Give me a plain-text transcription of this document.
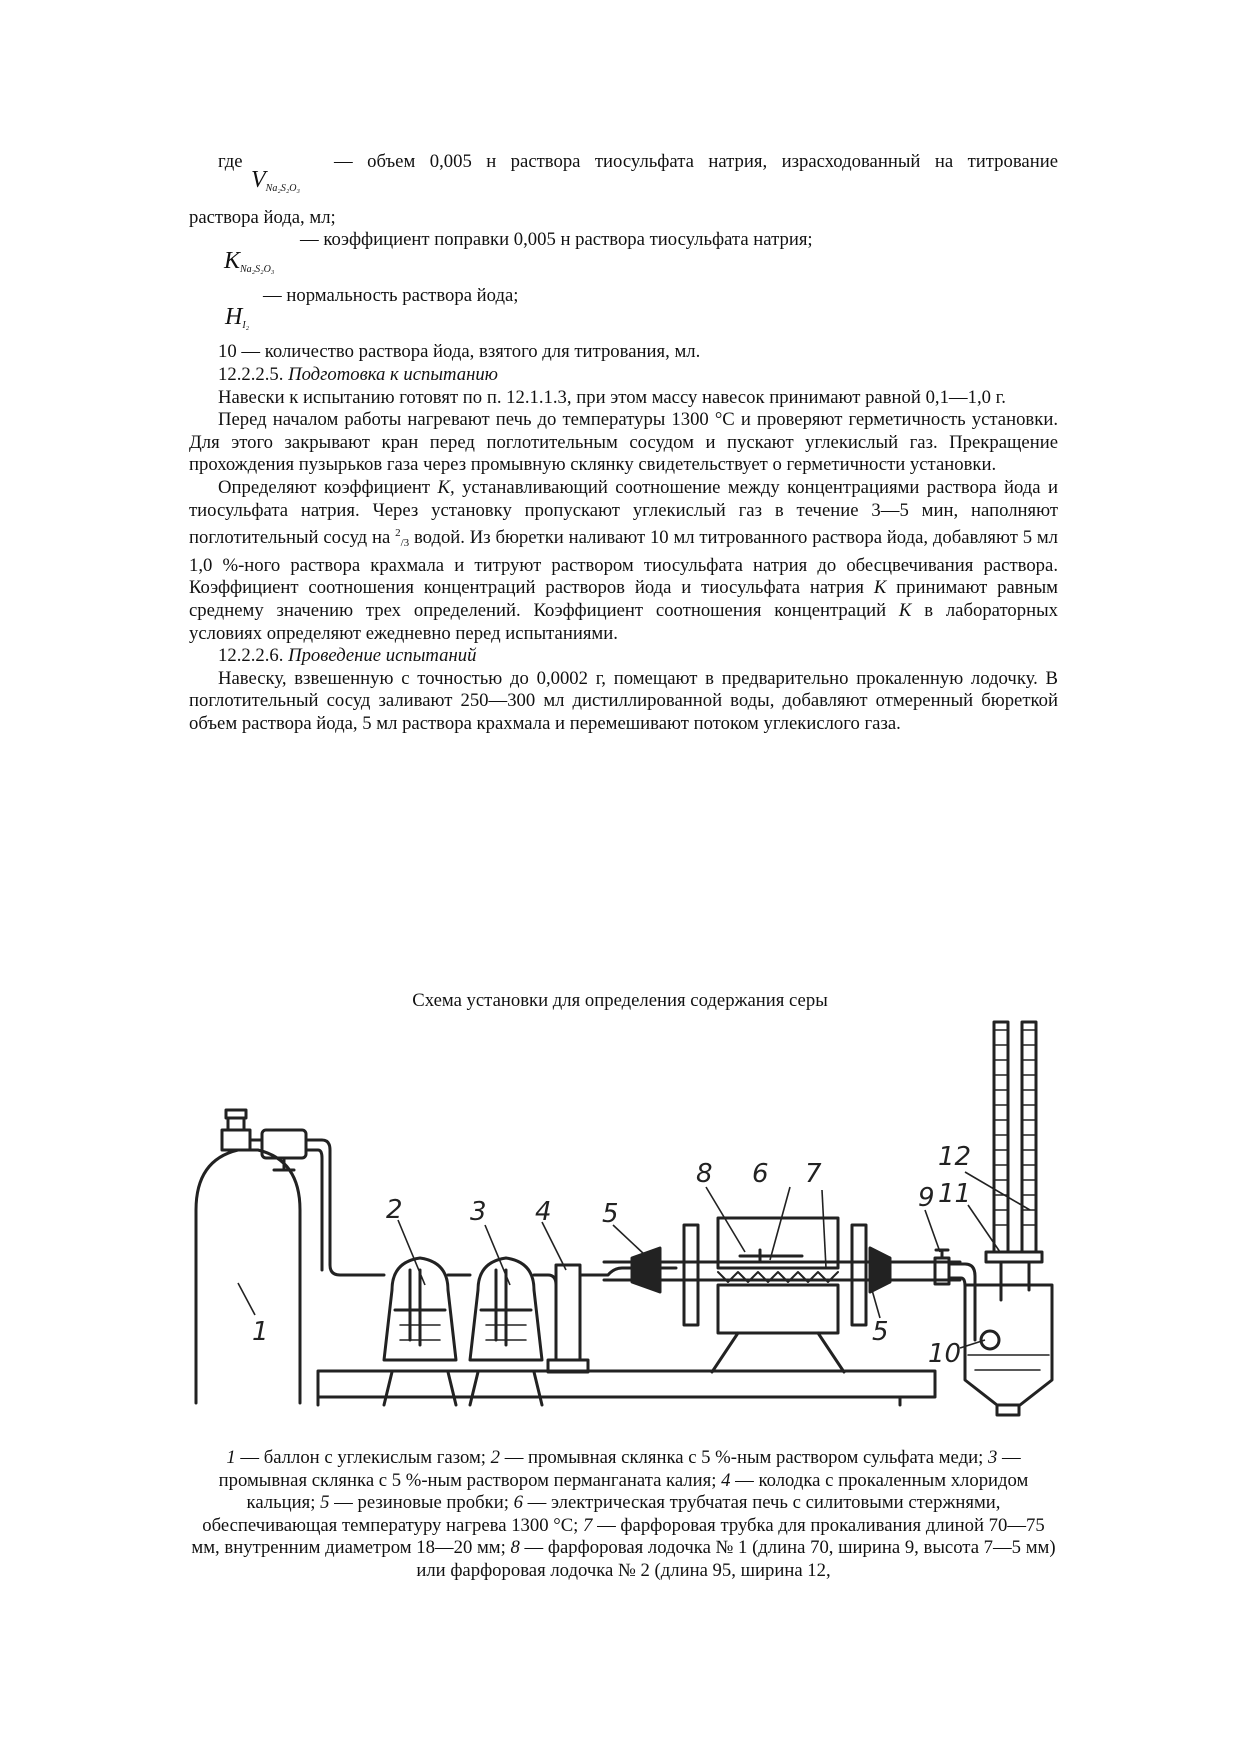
где	— объем 0,005 н раствора тиосульфата натрия, израсходованный на титрование
$V_{Na_2S_2O_3}$
раствора йода, мл;
— коэффициент поправки 0,005 н раствора тиосульфата натрия;
$K_{Na_2S_2O_3}$
— нормальность раствора йода;
$H_{I_2}$
10 — количество раствора йода, взятого для титрования, мл.

12.2.2.5. Подготовка к испытанию

Навески к испытанию готовят по п. 12.1.1.3, при этом массу навесок принимают равной 0,1—1,0 г.

Перед началом работы нагревают печь до температуры 1300 °С и проверяют герметичность установки. Для этого закрывают кран перед поглотительным сосудом и пускают углекислый газ. Прекращение прохождения пузырьков газа через промывную склянку свидетельствует о герметичности установки.

Определяют коэффициент K, устанавливающий соотношение между концентрациями раствора йода и тиосульфата натрия. Через установку пропускают углекислый газ в течение 3—5 мин, наполняют поглотительный сосуд на $^2$/3 водой. Из бюретки наливают 10 мл титрованного раствора йода, добавляют 5 мл 1,0 %-ного раствора крахмала и титруют раствором тиосульфата натрия до обесцвечивания раствора. Коэффициент соотношения концентраций растворов йода и тиосульфата натрия K принимают равным среднему значению трех определений. Коэффициент соотношения концентраций K в лабораторных условиях определяют ежедневно перед испытаниями.

12.2.2.6. Проведение испытаний

Навеску, взвешенную с точностью до 0,0002 г, помещают в предварительно прокаленную лодочку. В поглотительный сосуд заливают 250—300 мл дистиллированной воды, добавляют отмеренный бюреткой объем раствора йода, 5 мл раствора крахмала и перемешивают потоком углекислого газа.

Схема установки для определения содержания серы
1
2	3 4 5
8 6 7
9
12
11
5
10
1 — баллон с углекислым газом; 2 — промывная склянка с 5 %-ным раствором сульфата меди; 3 — промывная склянка с 5 %-ным раствором перманганата калия; 4 — колодка с прокаленным хлоридом кальция; 5 — резиновые пробки; 6 — электрическая трубчатая печь с силитовыми стержнями, обеспечивающая температуру нагрева 1300 °С; 7 — фарфоровая трубка для прокаливания длиной 70—75 мм, внутренним диаметром 18—20 мм; 8 — фарфоровая лодочка № 1 (длина 70, ширина 9, высота 7—5 мм) или фарфоровая лодочка № 2 (длина 95, ширина 12,
